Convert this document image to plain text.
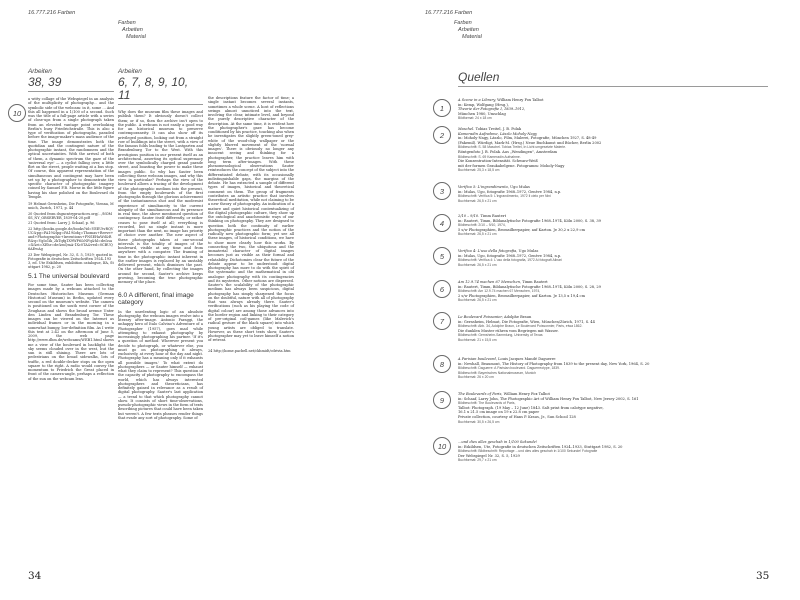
16.777.216 Farben
Farben
Arbeiten
Material
Arbeiten
38, 39
a witty collage of the Webspiegel in an analysis of the multiplicity of photography... and the symbolic side of the webcam: in it, some ... And this all happened in a 1/100 of a second. Such was the title of a full-page article with a series of close-ups from a single photograph taken from an elevated vantage point overlooking Berlin's busy Friedrichstraße. This is also a type of verification of photographs, paraded before the image-maker's mass audience of the time. The image demonstrates both the quotidian and the contingent nature of the photographic instant, the randomness and the optical uncertainties. With the arrival of both of them, a dynamic spectrum the gaze of the 'universal eye' — a cyclist falling over, a little flirt on the street, people waiting at a bus stop. Of course, this apparent representation of the simultaneous and contingent may have been set up by a photographer to demonstrate the specific character of photographic imagery coined by Samuel F.B. Morse in the little figure having his shoe polished on the Boulevard du Temple.
19 Helmut Gernsheim, Die Fotografie, Vienna, Munich, Zurich, 1971, p. 44
20 Quoted from dsgncntrypractices.org/.../NOMSS_NY_OBSERVER_1839-04-20.pdf
21 Quoted from: Larry J. Schaaf, p. 96
22 http://books.google.de/books?id=VEEUtvRQVUC&pg=PA19&lpg=PA19&dq=Thomas+Reeve+and+Photographic+Inventions+FNSEHaWd&RR&q=VgIo1ik_2kTqfg1X9WP6&NFq&hl=de&sa=X&ei=XEhr=de&mQmA-1Xc0TA&ved=0CBUQ6AEwAg
23 Der Webspiegel, Nr. 32, S. 5, 1929; quoted in Fotografie in deutschen Zeitschriften 1924–1933, ed. Ute Eskildsen, exhibition catalogue, IfA, Stuttgart 1982, p. 20
5.1 The universal boulevard
For some time, Sauter has been collecting images made by a webcam attached to the Deutsches Historisches Museum (German Historical Museum) in Berlin, updated every second on the museum's website. The camera is positioned on the south west corner of the Zeughaus and shows the broad avenue Unter den Linden and Brandenburg Tor. These images can be viewed on the Internet as individual frames or in the morning in a somewhat bumpy, low-definition film. As I write this text at 2:42 on the afternoon of June 5, 2009, the web page http://www.dhm.de/webcams/WEB1.html shows me a view of the boulevard in backlight: the sky seems clouded over in the west, but the sun is still shining. There are lots of pedestrians on the broad sidewalks, lots of traffic, a red double-decker stops on the open square to the right. A radio would convey the momentum to Friedrich the Great placed in front of the camera-angle, perhaps a reflection of the sun on the webcam lens.
10
Arbeiten
6, 7, 8, 9, 10, 11
Why does the museum film these images and publish them? It obviously doesn't collect them; or if so, then the archive isn't open to the public. A webcam is not easily a good way for an historical museum to preserve contemporaneity. It can also show off its privileged position, looking out from a straight row of buildings into the street, with a view of the famous folds leading to the Lustgarten and Brandenburg Tor to the West. With this prestigious position in our present itself as an architectural, asserting its optical supremacy over the symbolically charged grand parade street, and boasting the power to make these images public. So why has Sauter been collecting these webcam images, and why this view in particular? Perhaps the view of the boulevard allows a tracing of the development of the photographic medium into the present, from the empty boulevards of the first photographs through the glorious achievement of the instantaneous shot and the modernist experience of simultaneity to the current ubiquity of the simultaneous and its presence in real time, the above mentioned question of contingency. Sauter itself differently, or rather ceases to pose itself at all; everything is recorded, but no single instant is more important than the next, no image has priority of choice over another. The new aspect of these photographs taken at one-second intervals is the totality of images of the boulevard, visible at any time and from anywhere with a computer. The framing of time in the photographic instant inherent in the earlier images is replaced by an unstably delivered present, which dismisses the past. On the other hand, by collecting the images around for second, Sauter's archive keeps growing, becoming the true photographic memory of the place.
6.0 A different, final image category
In the unrelenting logic of an absolute photography, the webcam images evolve into a literary after-image. Antonio Paraggi, the unhappy hero of Italo Calvino's Adventure of a Photographer (1957), goes mad while attempting to exhaust photography by increasingly photographing his partner. 'If it's a question of method: Wherever present you decide to photograph, or whatever else, you must go on photographing it always, exclusively, at every hour of the day and night. Photography has a meaning only if it exhausts all possible images.' To what extent do photographers — or Sauter himself — exhaust what they claim to represent? This question of the capacity of photography to encompass the world, which has always interested photographers and theoreticians, has definitely gained in relevance as a result of digital photography. Sauter's last application — a trend to that which photography cannot show. It consists of short time-observations, pseudo-photographic views in the form of texts describing pictures that could have been taken but weren't. A few texts phrases render things that evade any sort of photography. Some of
the descriptions feature the factor of time; a single instant becomes several instants, sometimes a whole scene. A host of reflections swings almost unnoticed into the text, involving the clear, intimate level, and beyond the purely descriptive character of the description. At the same time, it is evident how the photographer's gaze has become conditioned by his practice, touching also when he investigates the slightly green-toned grey-white of the wood-chip wallpaper or the slightly blurred movement of the 'normal images'. There is obviously no longer any innocent seeing and thinking for a photographer, the practice leaves him with long term after-images. With these phenomenological observations Sauter reintroduces the concept of the subject into the differentiated debate, with its occasionally indistinguishable gaps, the margins of the debate. He has extracted a sample of different types of images, historical and theoretical comment on them. The group of fragments contributes an artistic practice that involves theoretical meditation, while not claiming to be a new theory of photography. An indication of a mature and quiet historical contextualizing of the digital photographic culture, they show up the ontological and anachronistic ways of our thinking on photography. They are designed to question both the continuity of earlier photographic practices and the notion of the radically new photographic form; yet see all these images, of historical conditions, we have to show more clearly how this works. By connecting the two, the ubiquitous and the immaterial character of digital images becomes just as visible as their formal and relatability. Dichotomies clear the future of the debate appear to be understood: digital photography has more to do with the spirit of the systematic and the mathematical in old analogue photography with its contingencies and its mysteries. Other notions are dispersed. Sauter's the scalability of the photographic medium has always been suspicious, digital photography has simply sharpened the focus on the doubtful, nature with all of photography that was always already there. Sauter's verifications (such as his playing the code of digital colour) are among those advances into the border region and linking to their category of pre-original coil-games (like Malevich's radical gesture of the black square) into which young artists are obliged to translate. However, as these short texts show, Sauter's photographer may yet to leave himself a notion of retreat.
24 http://home.pacbell.net/ckhmidt/cdrivia.htm
34
16.777.216 Farben
Farben
Arbeiten
Material
Quellen
1
A Scene in a Library, William Henry Fox Talbot
in: Kemp, Wolfgang (Hrsg.),
Theorie der Fotografie I, 1839–1912,
München 1980, Umschlag
Bildformat: 24 x 18 cm
2
Maschel. Tobias Treitel, J. B. Polak
Kameradin Aufnahme, Lászlo Moholy-Nagy
in: Moholy-Nagy, Lászlo, Film, Malerei, Fotografie, München 1927, S. 48-49
(Fakemil). Würdigt, Mark-M. (Hrsg.) Neue Buchkunst und Bücher, Berlin 2002
Bildbeschrift: S. 58 Maschel. Tobias Treitel, In Licht umgesetzte Materie.
Röntgenfoto J. B. Polak. Aus „Wendingen", Amsterdam
Bildbeschrift: S. 69 Kameradin Aufnahme.
Die Konzentration-Intensität. Schwarz-Weiß
mit der formen Graukabelgene. Fotogramm: Moholy-Nagy
Buchformat: 25,3 x 18,5 cm
3	Verifica 5: L'ingrandimento, Ugo Mulas
in: Mulas, Ugo, fotografie 1968–1972, Genève 1984, n.p.
Bildbeschrift: Verifica 5: L'ingrandimento, 1972 Il cielo per Nini
Buchformat: 26,5 x 21 cm
4
2/10 – 9/10. Timm Rautert
in: Rautert, Timm, Bildanalytische Fotografie 1968–1974, Köln 2000, S. 38, 39
Bildbeschrift: 2/10 – 9/10, 1974,
5 s/w Photographien, Bromsilberpapier, auf Karton. Je 30,2 x 22,9 cm
Buchformat: 26,5 x 21 cm
5
Verifica 4: L'uso della fotografia, Ugo Mulas
in: Mulas, Ugo, fotografie 1968–1972, Genève 1984, n.p.
Bildbeschrift: Verifica 4: L'uso della fotografia, 1972 Ai fotografi Alinari
Buchformat: 26,5 x 21 cm
6
Am 12.9.74 machen 67 Menschen, Timm Rautert
in: Rautert, Timm, Bildanalytische Fotografie 1968–1974, Köln 2000, S. 28, 29
Bildbeschrift: Am 12.9.74 machen 67 Menschen, 1974,
2 s/w Photographien, Bromsilberpapier, auf Karton. Je 13,5 x 19,4 cm
Buchformat: 26,5 x 21 cm
7	Le Boulevard Poissonier, Adolphe Braun
in: Gernsheim, Helmut, Die Fotografie, Wien, München/Zürich, 1971, S. 44
Bildbeschrift: Abb. 34, Adolphe Braun, Le Boulevard Poissonnier, Paris, etwa 1862.
Die dunklen Muster rühren vom Begriegen mit Wasser.
Bildbeschrift: Gernsheim-Sammlung, University of Texas
Buchformat: 21 x 15,5 cm
8
A Parisian boulevard, Louis Jacques Mandé Daguerre
in: Newhall, Beaumont, The History of Photography from 1839 to the present day, New York, 1964, S. 20
Bildbeschrift: Daguerre: A Parisian boulevard. Daguerreotype, 1839.
Bildbeschrift: Bayerisches Nationalmuseum, Munich
Buchformat: 26 x 20 cm
9
The Boulevards of Paris, William Henry Fox Talbot
in: Schaaf, Larry John, The Photographic Art of William Henry Fox Talbot, New Jersey 2002, S. 161
Bildbeschrift: The Boulevards of Paris,
Talbot: Photograph. (19 May – 12 June) 1843. Salt print from calotype negative,
16.1 x 21.5 cm image on 19 x 22.8 cm paper
Private collection, courtesy of Hans P. Kraus, Jr., Sun School 128
Buchformat: 30,5 x 26,5 cm
10	...und dies alles geschah in 1/100 Sekunde!
in: Eskildsen, Ute, Fotografie in deutschen Zeitschriften 1924–1933, Stuttgart 1982, S. 20
Bildbeschrift: Bildbeschrift: Reportage ...und dies alles geschah in 1/100 Sekunde! Fotografie
Der Webspiegel Nr. 32, S. 5, 1929
Buchformat: 29,7 x 21 cm
35
